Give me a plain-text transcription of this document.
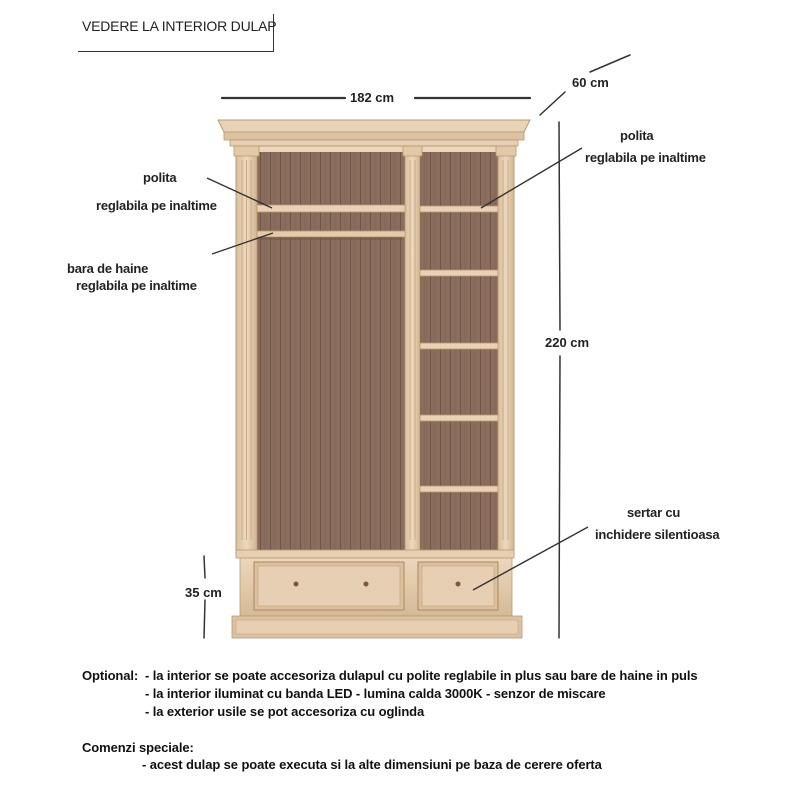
VEDERE LA INTERIOR DULAP
182 cm
60 cm
220 cm
35 cm
polita
reglabila pe inaltime
bara de haine
reglabila pe inaltime
polita
reglabila pe inaltime
sertar cu
inchidere silentioasa
Optional: - la interior se poate accesoriza dulapul cu polite reglabile in plus sau bare de haine in puls
- la interior iluminat cu banda LED - lumina calda 3000K - senzor de miscare
- la exterior usile se pot accesoriza cu oglinda
Comenzi speciale:
- acest dulap se poate executa si la alte dimensiuni pe baza de cerere oferta
